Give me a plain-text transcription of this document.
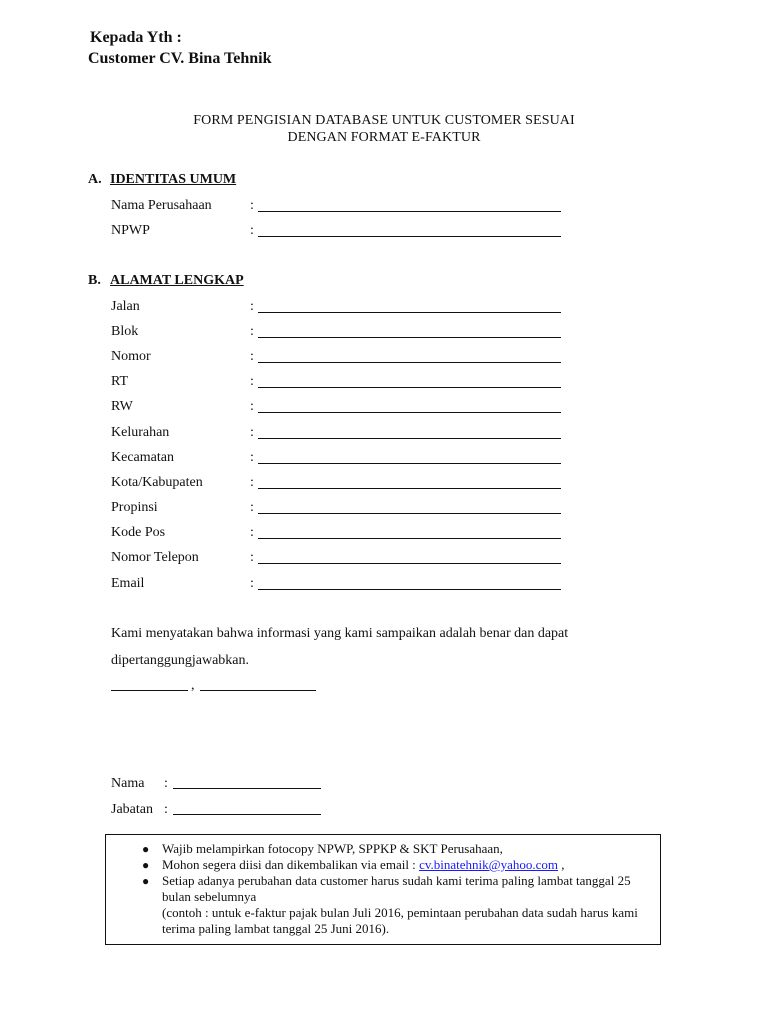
Kepada Yth :
Customer CV. Bina Tehnik
FORM PENGISIAN DATABASE UNTUK CUSTOMER SESUAI
DENGAN FORMAT E-FAKTUR
A. IDENTITAS UMUM
Nama Perusahaan	:
NPWP	:
B. ALAMAT LENGKAP
Jalan	:
Blok	:
Nomor	:
RT	:
RW	:
Kelurahan	:
Kecamatan	:
Kota/Kabupaten	:
Propinsi	:
Kode Pos	:
Nomor Telepon	:
Email	:
Kami menyatakan bahwa informasi yang kami sampaikan adalah benar dan dapat
dipertanggungjawabkan.
,
Nama :
Jabatan :
● Wajib melampirkan fotocopy NPWP, SPPKP & SKT Perusahaan,
● Mohon segera diisi dan dikembalikan via email : cv.binatehnik@yahoo.com ,
● Setiap adanya perubahan data customer harus sudah kami terima paling lambat tanggal 25 bulan sebelumnya
(contoh : untuk e-faktur pajak bulan Juli 2016, pemintaan perubahan data sudah harus kami terima paling lambat tanggal 25 Juni 2016).
